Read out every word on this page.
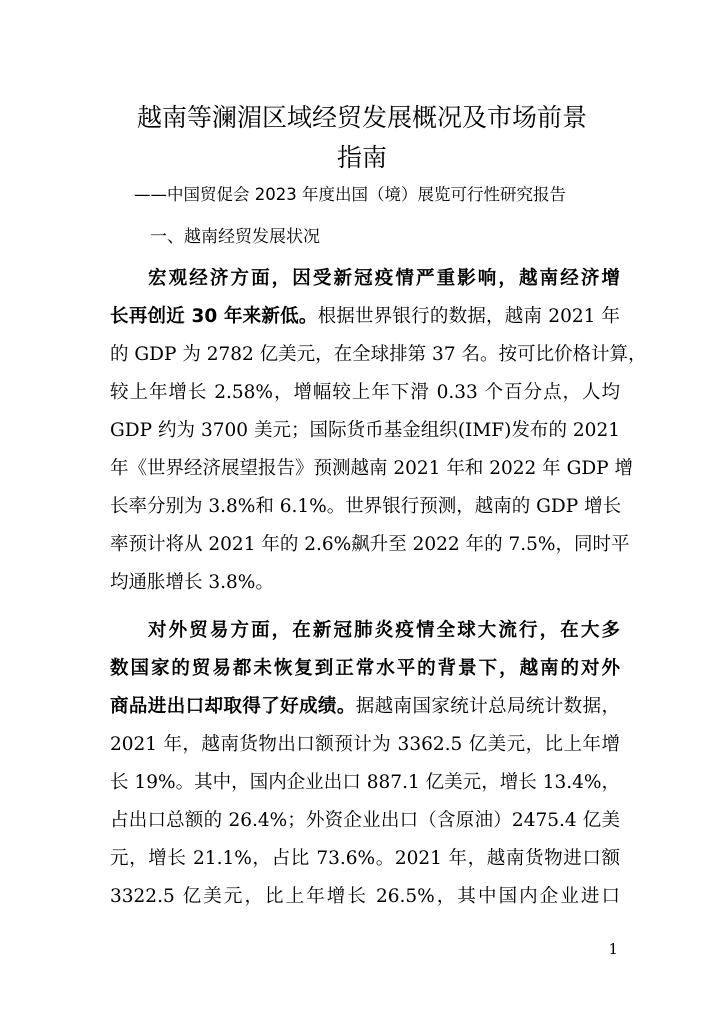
越南等澜湄区域经贸发展概况及市场前景
指南

——中国贸促会 2023 年度出国（境）展览可行性研究报告

一、越南经贸发展状况

宏观经济方面，因受新冠疫情严重影响，越南经济增

长再创近 30 年来新低。根据世界银行的数据，越南 2021 年

的 GDP 为 2782 亿美元，在全球排第 37 名。按可比价格计算，

较上年增长 2.58%，增幅较上年下滑 0.33 个百分点，人均

GDP 约为 3700 美元；国际货币基金组织(IMF)发布的 2021

年《世界经济展望报告》预测越南 2021 年和 2022 年 GDP 增

长率分别为 3.8%和 6.1%。世界银行预测，越南的 GDP 增长

率预计将从 2021 年的 2.6%飙升至 2022 年的 7.5%，同时平

均通胀增长 3.8%。

对外贸易方面，在新冠肺炎疫情全球大流行，在大多

数国家的贸易都未恢复到正常水平的背景下，越南的对外

商品进出口却取得了好成绩。据越南国家统计总局统计数据，

2021 年，越南货物出口额预计为 3362.5 亿美元，比上年增

长 19%。其中，国内企业出口 887.1 亿美元，增长 13.4%，

占出口总额的 26.4%；外资企业出口（含原油）2475.4 亿美

元，增长 21.1%，占比 73.6%。2021 年，越南货物进口额

3322.5 亿美元，比上年增长 26.5%，其中国内企业进口

1
